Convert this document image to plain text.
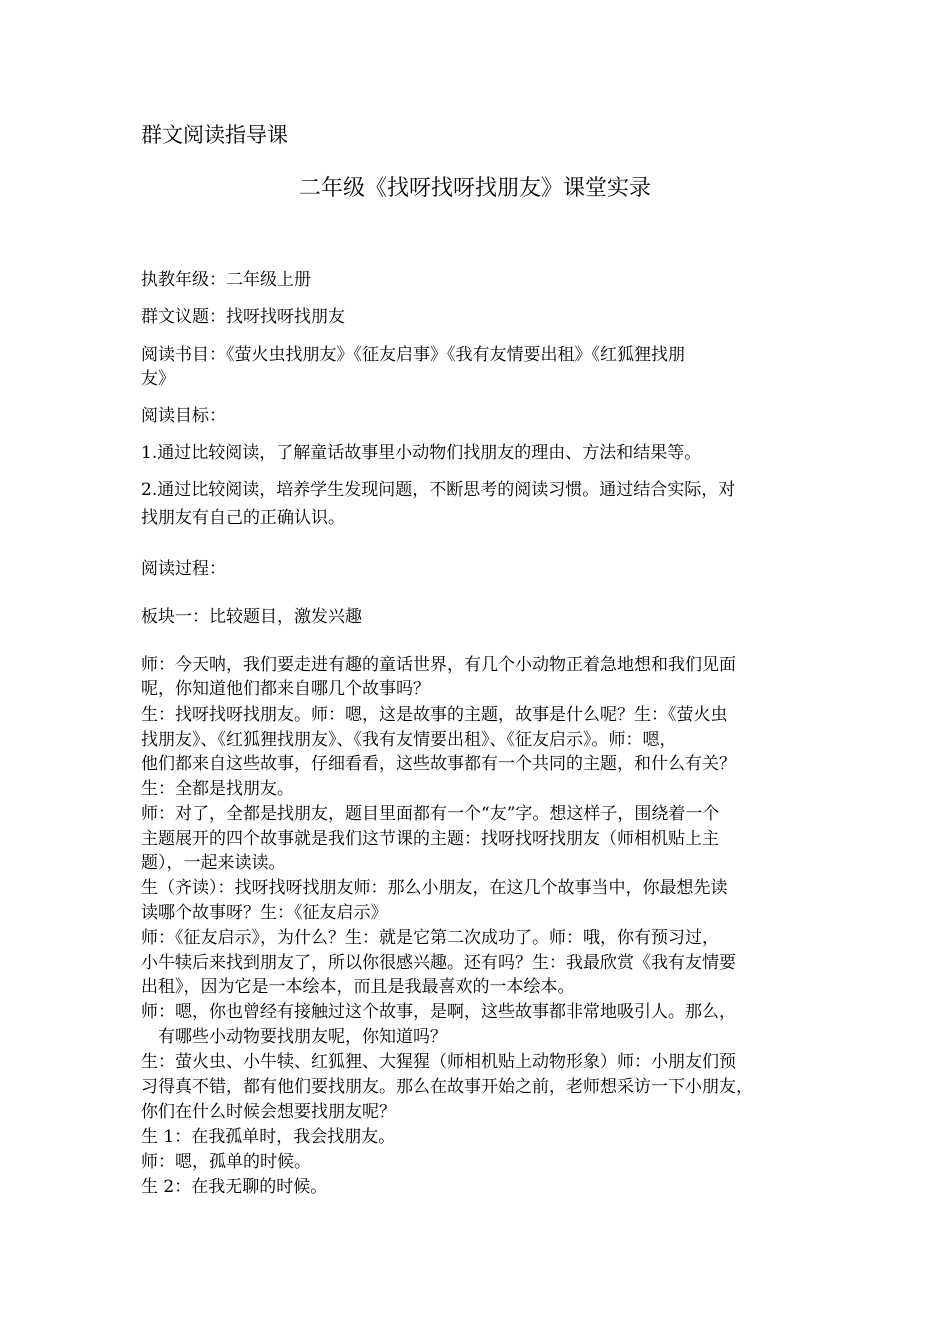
群文阅读指导课
二年级《找呀找呀找朋友》课堂实录
执教年级：二年级上册
群文议题：找呀找呀找朋友
阅读书目：《萤火虫找朋友》《征友启事》《我有友情要出租》《红狐狸找朋
友》
阅读目标：
1.通过比较阅读，了解童话故事里小动物们找朋友的理由、方法和结果等。
2.通过比较阅读，培养学生发现问题，不断思考的阅读习惯。通过结合实际，对
找朋友有自己的正确认识。
阅读过程：
板块一：比较题目，激发兴趣
师：今天呐，我们要走进有趣的童话世界，有几个小动物正着急地想和我们见面
呢，你知道他们都来自哪几个故事吗？
生：找呀找呀找朋友。师：嗯，这是故事的主题，故事是什么呢？生：《萤火虫
找朋友》、《红狐狸找朋友》、《我有友情要出租》、《征友启示》。师：嗯，
他们都来自这些故事，仔细看看，这些故事都有一个共同的主题，和什么有关？
生：全都是找朋友。
师：对了，全都是找朋友，题目里面都有一个“友”字。想这样子，围绕着一个
主题展开的四个故事就是我们这节课的主题：找呀找呀找朋友（师相机贴上主
题），一起来读读。
生（齐读）：找呀找呀找朋友师：那么小朋友，在这几个故事当中，你最想先读
读哪个故事呀？生：《征友启示》
师：《征友启示》，为什么？生：就是它第二次成功了。师：哦，你有预习过，
小牛犊后来找到朋友了，所以你很感兴趣。还有吗？生：我最欣赏《我有友情要
出租》，因为它是一本绘本，而且是我最喜欢的一本绘本。
师：嗯，你也曾经有接触过这个故事，是啊，这些故事都非常地吸引人。那么，
有哪些小动物要找朋友呢，你知道吗？
生：萤火虫、小牛犊、红狐狸、大猩猩（师相机贴上动物形象）师：小朋友们预
习得真不错，都有他们要找朋友。那么在故事开始之前，老师想采访一下小朋友，
你们在什么时候会想要找朋友呢？
生 1：在我孤单时，我会找朋友。
师：嗯，孤单的时候。
生 2：在我无聊的时候。
